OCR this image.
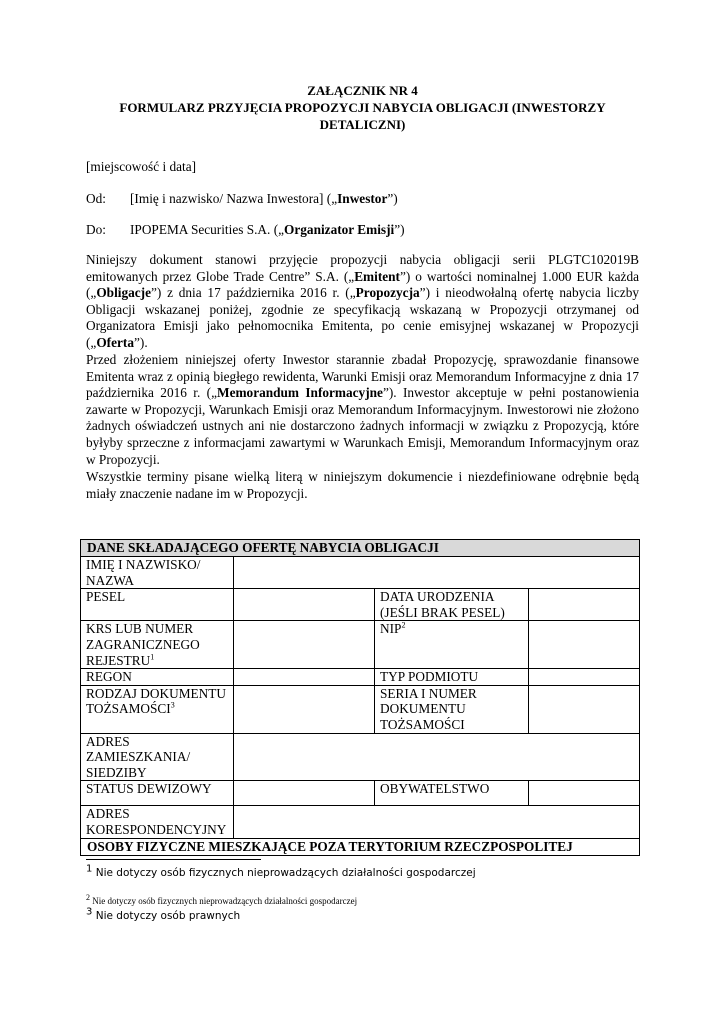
ZAŁĄCZNIK NR 4
FORMULARZ PRZYJĘCIA PROPOZYCJI NABYCIA OBLIGACJI (INWESTORZY
DETALICZNI)
[miejscowość i data]
Od: [Imię i nazwisko/ Nazwa Inwestora] („Inwestor”)
Do: IPOPEMA Securities S.A. („Organizator Emisji”)
Niniejszy dokument stanowi przyjęcie propozycji nabycia obligacji serii PLGTC102019B emitowanych przez Globe Trade Centre” S.A. („Emitent”) o wartości nominalnej 1.000 EUR każda („Obligacje”) z dnia 17 października 2016 r. („Propozycja”) i nieodwołalną ofertę nabycia liczby Obligacji wskazanej poniżej, zgodnie ze specyfikacją wskazaną w Propozycji otrzymanej od Organizatora Emisji jako pełnomocnika Emitenta, po cenie emisyjnej wskazanej w Propozycji („Oferta”).
Przed złożeniem niniejszej oferty Inwestor starannie zbadał Propozycję, sprawozdanie finansowe Emitenta wraz z opinią biegłego rewidenta, Warunki Emisji oraz Memorandum Informacyjne z dnia 17 października 2016 r. („Memorandum Informacyjne”). Inwestor akceptuje w pełni postanowienia zawarte w Propozycji, Warunkach Emisji oraz Memorandum Informacyjnym. Inwestorowi nie złożono żadnych oświadczeń ustnych ani nie dostarczono żadnych informacji w związku z Propozycją, które byłyby sprzeczne z informacjami zawartymi w Warunkach Emisji, Memorandum Informacyjnym oraz w Propozycji.
Wszystkie terminy pisane wielką literą w niniejszym dokumencie i niezdefiniowane odrębnie będą miały znaczenie nadane im w Propozycji.
DANE SKŁADAJĄCEGO OFERTĘ NABYCIA OBLIGACJI			
IMIĘ I NAZWISKO/ NAZWA			
PESEL		DATA URODZENIA (JEŚLI BRAK PESEL)	
KRS LUB NUMER ZAGRANICZNEGO REJESTRU$^1$		NIP$^2$	
REGON		TYP PODMIOTU	
RODZAJ DOKUMENTU TOŻSAMOŚCI$^3$		SERIA I NUMER DOKUMENTU TOŻSAMOŚCI	
ADRES ZAMIESZKANIA/ SIEDZIBY			
STATUS DEWIZOWY		OBYWATELSTWO	
ADRES KORESPONDENCYJNY			
OSOBY FIZYCZNE MIESZKAJĄCE POZA TERYTORIUM RZECZPOSPOLITEJ			
$^1$ Nie dotyczy osób fizycznych nieprowadzących działalności gospodarczej
$^2$ Nie dotyczy osób fizycznych nieprowadzących działalności gospodarczej
$^3$ Nie dotyczy osób prawnych
